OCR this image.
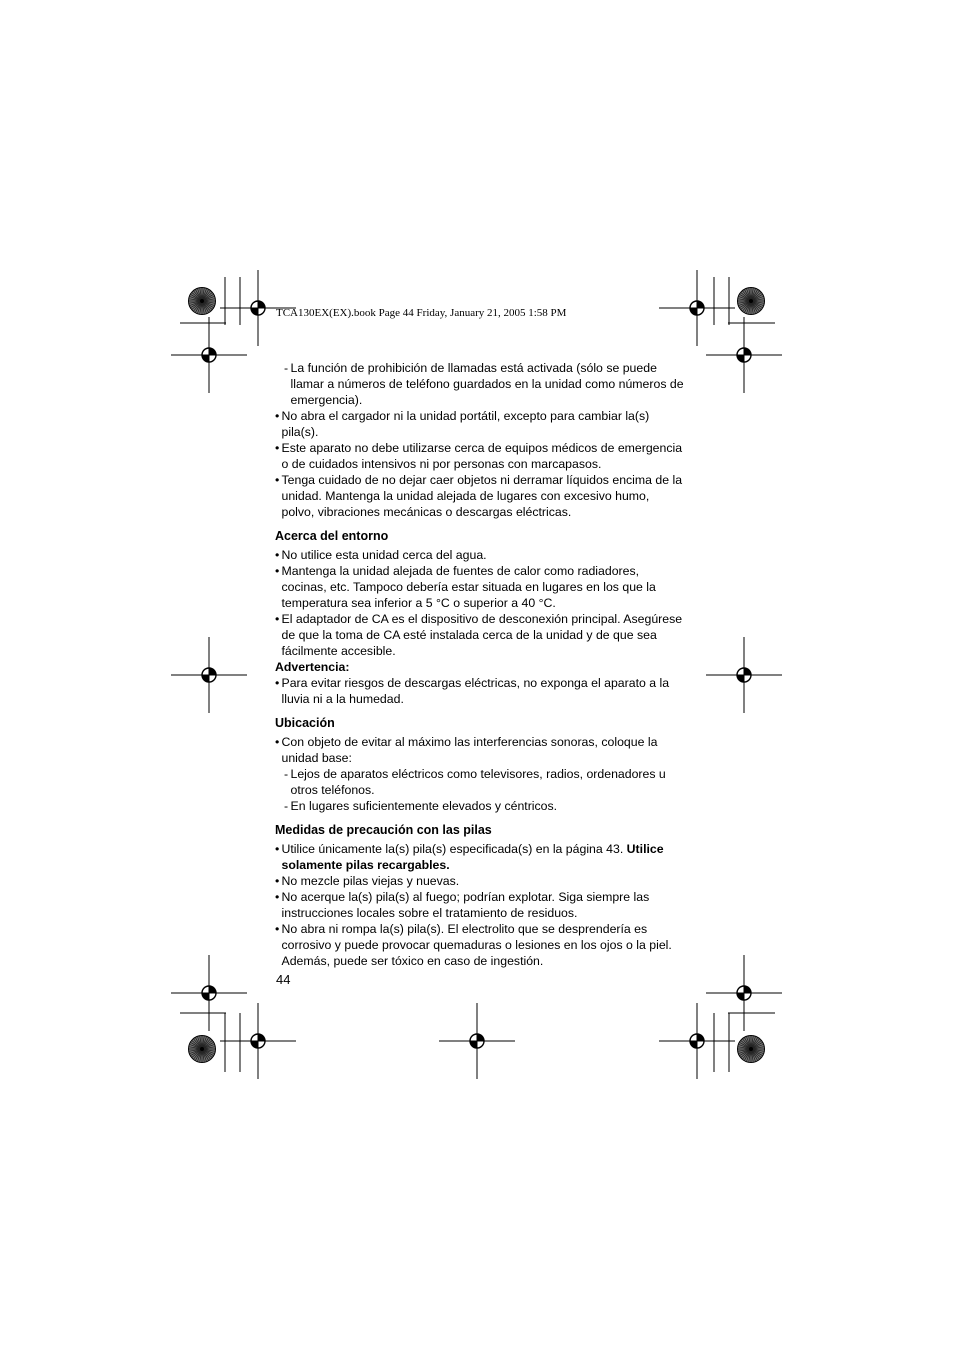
TCA130EX(EX).book Page 44 Friday, January 21, 2005 1:58 PM
- La función de prohibición de llamadas está activada (sólo se puede llamar a números de teléfono guardados en la unidad como números de emergencia).
• No abra el cargador ni la unidad portátil, excepto para cambiar la(s) pila(s).
• Este aparato no debe utilizarse cerca de equipos médicos de emergencia o de cuidados intensivos ni por personas con marcapasos.
• Tenga cuidado de no dejar caer objetos ni derramar líquidos encima de la unidad. Mantenga la unidad alejada de lugares con excesivo humo, polvo, vibraciones mecánicas o descargas eléctricas.
Acerca del entorno
• No utilice esta unidad cerca del agua.
• Mantenga la unidad alejada de fuentes de calor como radiadores, cocinas, etc. Tampoco debería estar situada en lugares en los que la temperatura sea inferior a 5 °C o superior a 40 °C.
• El adaptador de CA es el dispositivo de desconexión principal. Asegúrese de que la toma de CA esté instalada cerca de la unidad y de que sea fácilmente accesible.
Advertencia:
• Para evitar riesgos de descargas eléctricas, no exponga el aparato a la lluvia ni a la humedad.
Ubicación
• Con objeto de evitar al máximo las interferencias sonoras, coloque la unidad base:
- Lejos de aparatos eléctricos como televisores, radios, ordenadores u otros teléfonos.
- En lugares suficientemente elevados y céntricos.
Medidas de precaución con las pilas
• Utilice únicamente la(s) pila(s) especificada(s) en la página 43. Utilice solamente pilas recargables.
• No mezcle pilas viejas y nuevas.
• No acerque la(s) pila(s) al fuego; podrían explotar. Siga siempre las instrucciones locales sobre el tratamiento de residuos.
• No abra ni rompa la(s) pila(s). El electrolito que se desprendería es corrosivo y puede provocar quemaduras o lesiones en los ojos o la piel. Además, puede ser tóxico en caso de ingestión.
44
